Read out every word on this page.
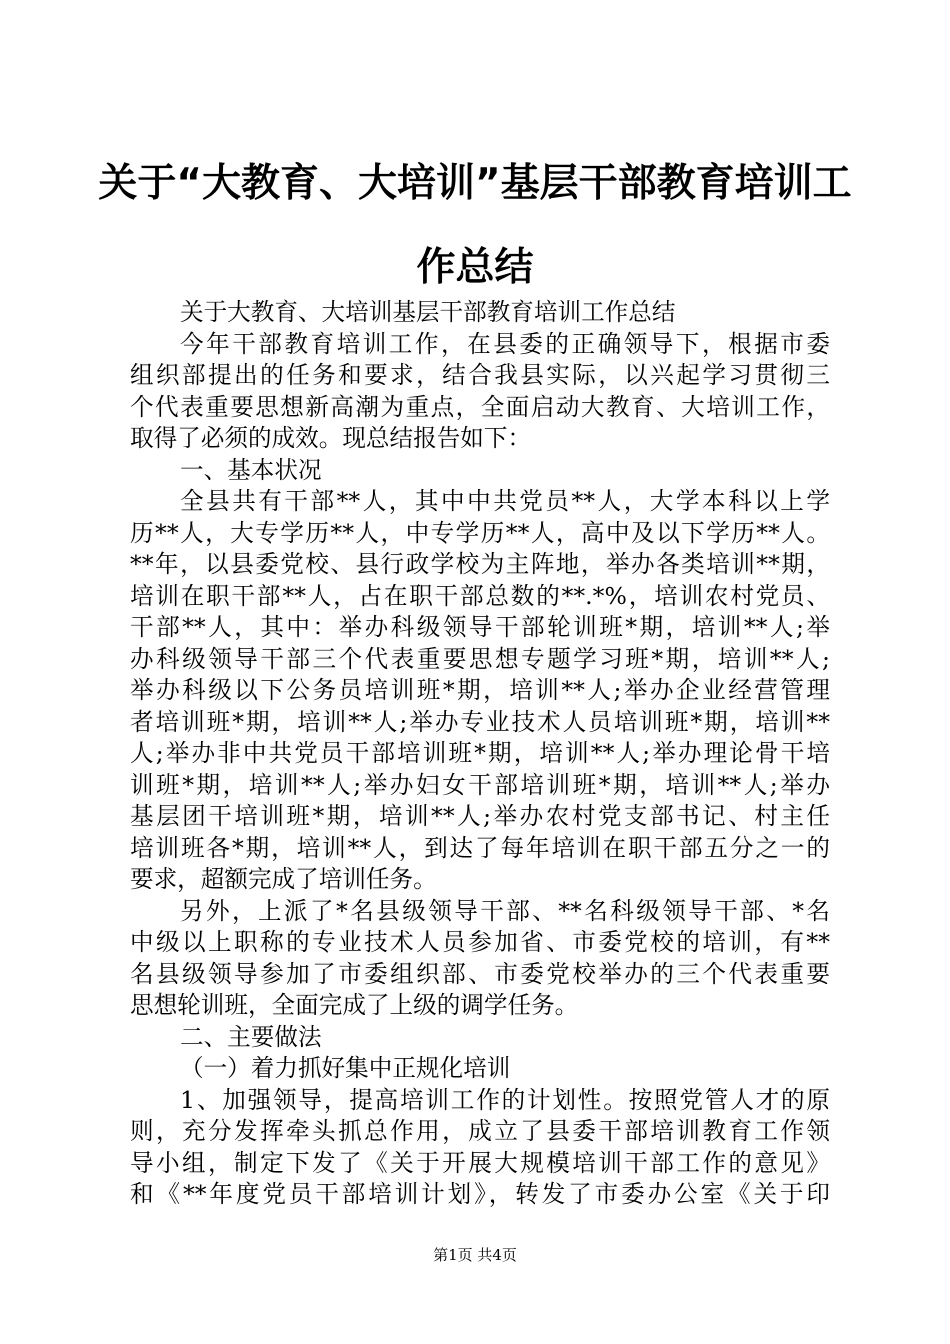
关于“大教育、大培训”基层干部教育培训工
作总结
关于大教育、大培训基层干部教育培训工作总结
今年干部教育培训工作，在县委的正确领导下，根据市委
组织部提出的任务和要求，结合我县实际，以兴起学习贯彻三
个代表重要思想新高潮为重点，全面启动大教育、大培训工作，
取得了必须的成效。现总结报告如下：
一、基本状况
全县共有干部**人，其中中共党员**人，大学本科以上学
历**人，大专学历**人，中专学历**人，高中及以下学历**人。
**年，以县委党校、县行政学校为主阵地，举办各类培训**期，
培训在职干部**人，占在职干部总数的**.*%，培训农村党员、
干部**人，其中：举办科级领导干部轮训班*期，培训**人;举
办科级领导干部三个代表重要思想专题学习班*期，培训**人;
举办科级以下公务员培训班*期，培训**人;举办企业经营管理
者培训班*期，培训**人;举办专业技术人员培训班*期，培训**
人;举办非中共党员干部培训班*期，培训**人;举办理论骨干培
训班*期，培训**人;举办妇女干部培训班*期，培训**人;举办
基层团干培训班*期，培训**人;举办农村党支部书记、村主任
培训班各*期，培训**人，到达了每年培训在职干部五分之一的
要求，超额完成了培训任务。
另外，上派了*名县级领导干部、**名科级领导干部、*名
中级以上职称的专业技术人员参加省、市委党校的培训，有**
名县级领导参加了市委组织部、市委党校举办的三个代表重要
思想轮训班，全面完成了上级的调学任务。
二、主要做法
（一）着力抓好集中正规化培训
1、加强领导，提高培训工作的计划性。按照党管人才的原
则，充分发挥牵头抓总作用，成立了县委干部培训教育工作领
导小组，制定下发了《关于开展大规模培训干部工作的意见》
和《**年度党员干部培训计划》，转发了市委办公室《关于印
第1页 共4页
